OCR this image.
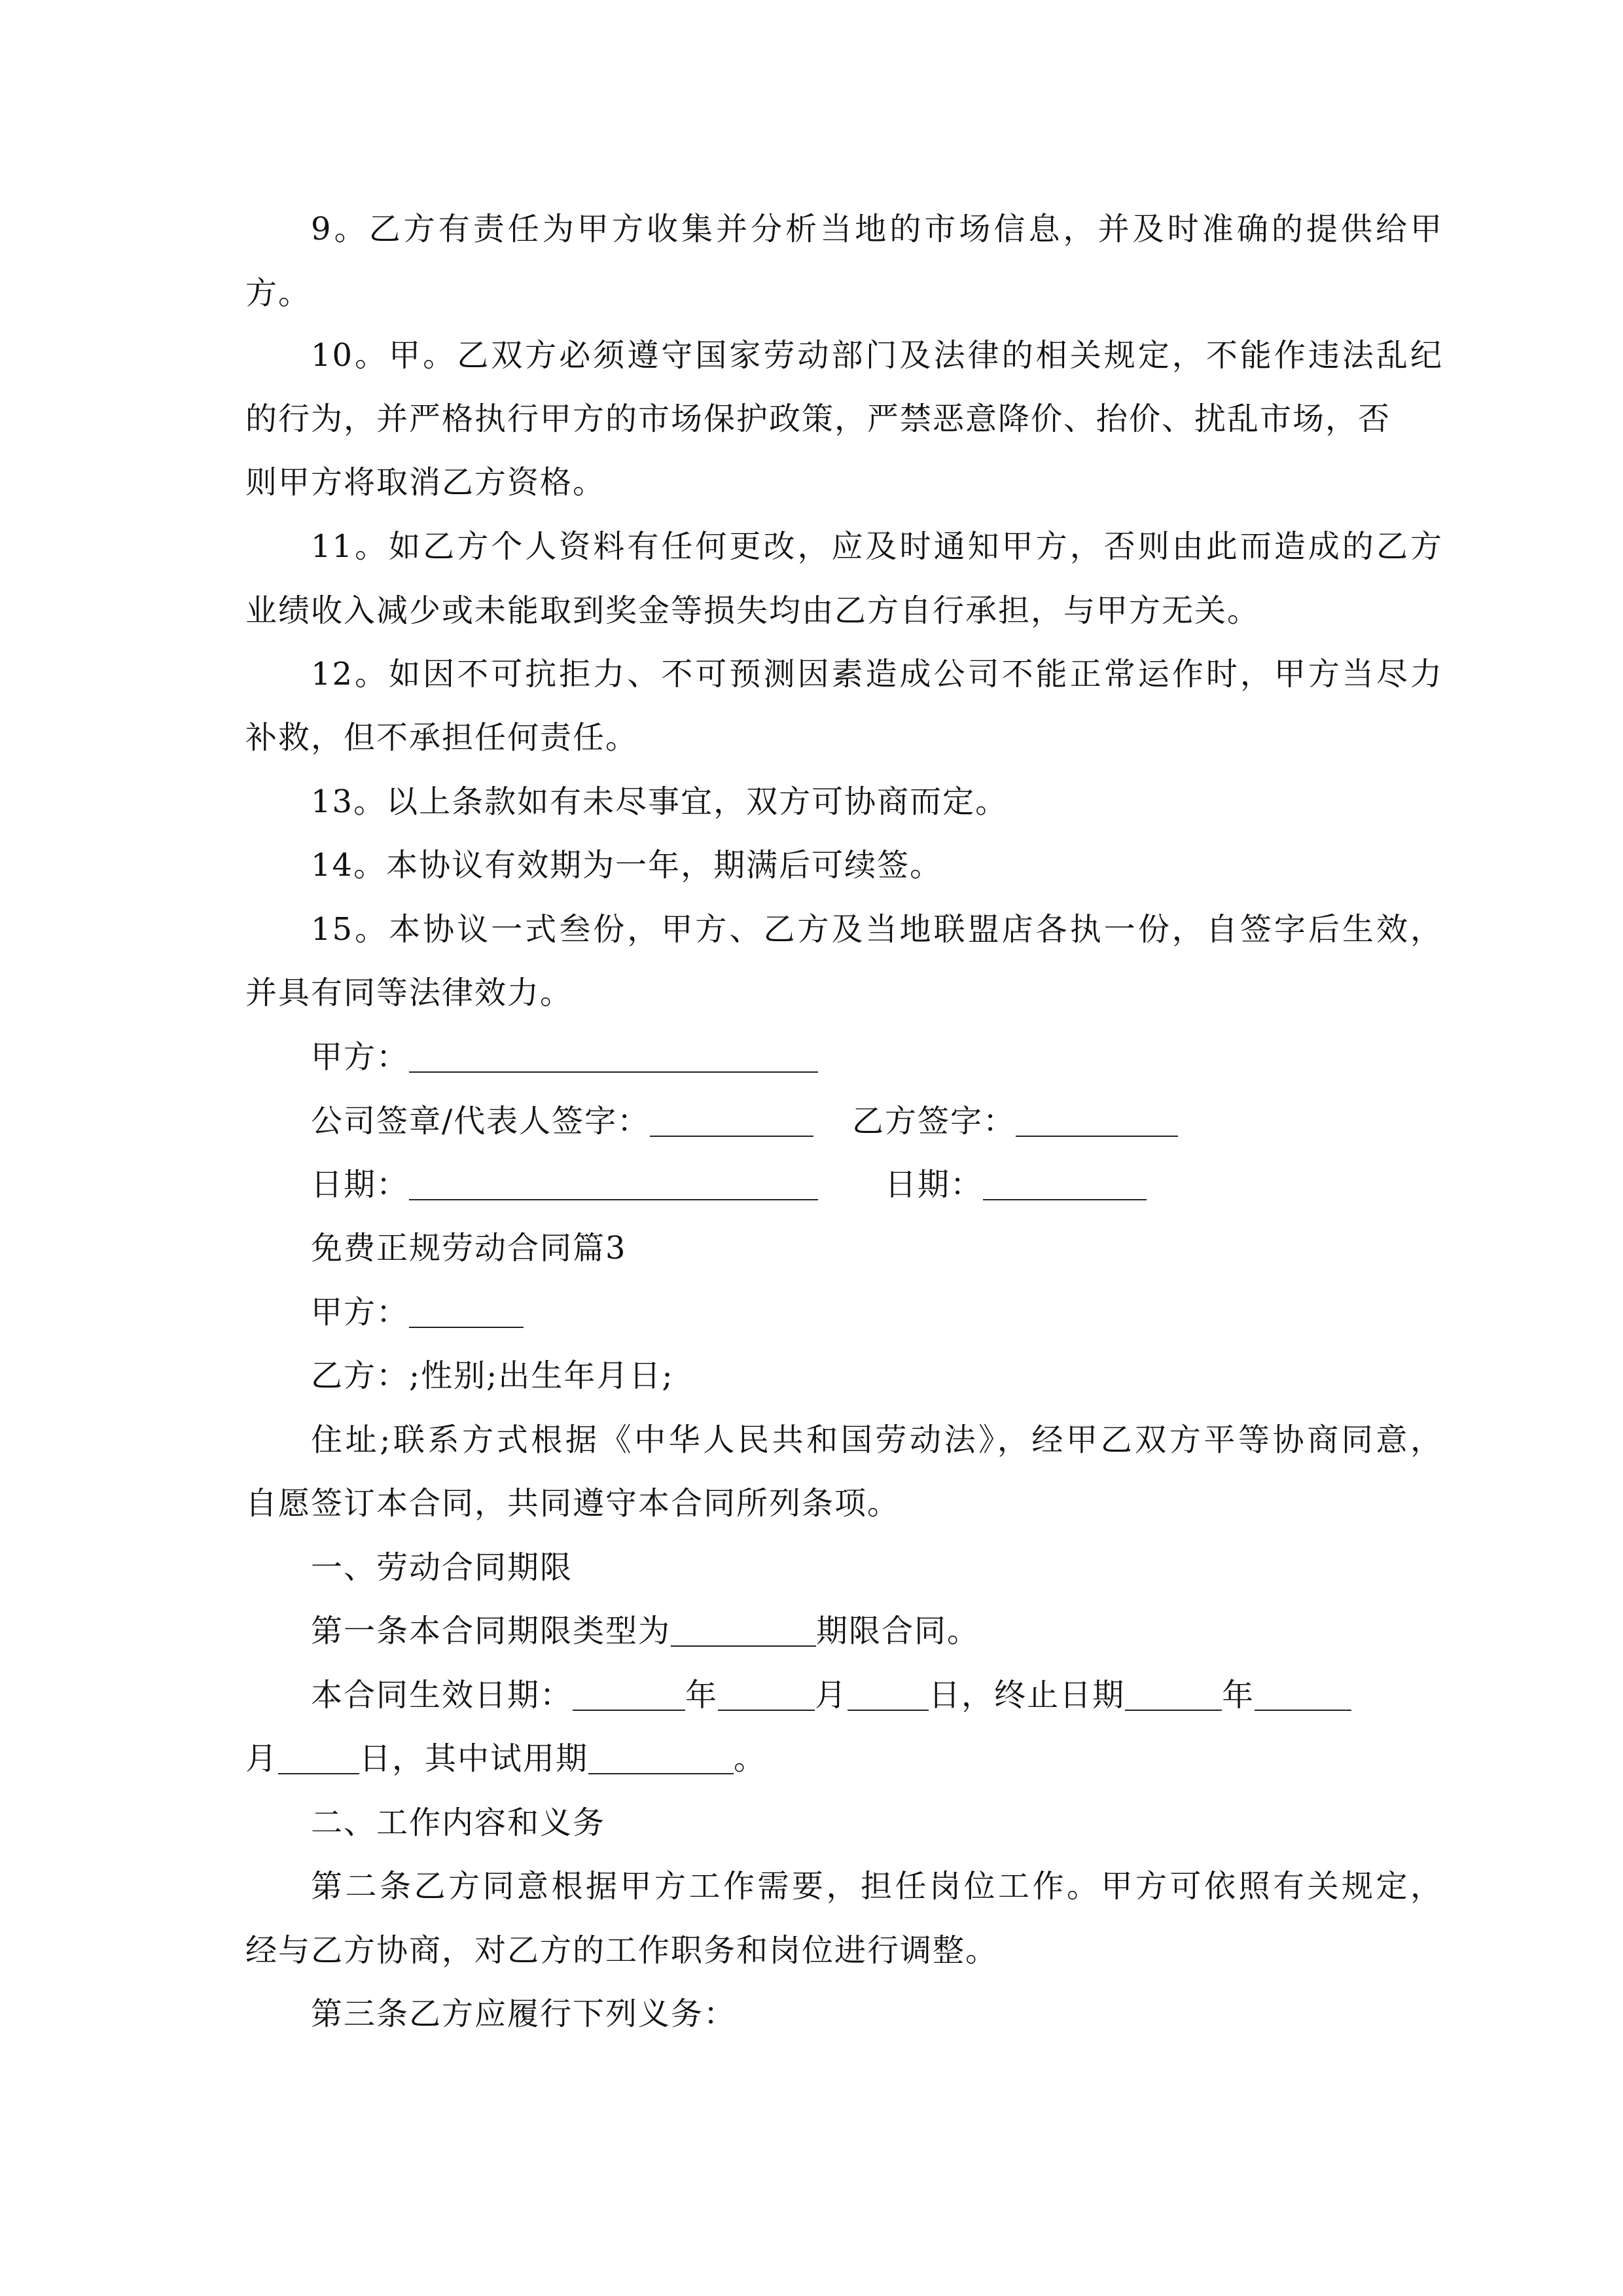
9。乙方有责任为甲方收集并分析当地的市场信息，并及时准确的提供给甲
方。
10。甲。乙双方必须遵守国家劳动部门及法律的相关规定，不能作违法乱纪
的行为，并严格执行甲方的市场保护政策，严禁恶意降价、抬价、扰乱市场，否
则甲方将取消乙方资格。
11。如乙方个人资料有任何更改，应及时通知甲方，否则由此而造成的乙方
业绩收入减少或未能取到奖金等损失均由乙方自行承担，与甲方无关。
12。如因不可抗拒力、不可预测因素造成公司不能正常运作时，甲方当尽力
补救，但不承担任何责任。
13。以上条款如有未尽事宜，双方可协商而定。
14。本协议有效期为一年，期满后可续签。
15。本协议一式叁份，甲方、乙方及当地联盟店各执一份，自签字后生效，
并具有同等法律效力。
甲方：
公司签章/代表人签字：	乙方签字：
日期：	日期：
免费正规劳动合同篇3
甲方：
乙方：;性别;出生年月日;
住址;联系方式根据《中华人民共和国劳动法》，经甲乙双方平等协商同意，
自愿签订本合同，共同遵守本合同所列条项。
一、劳动合同期限
第一条本合同期限类型为	期限合同。
本合同生效日期：	年	月	日，终止日期	年
月	日，其中试用期	。
二、工作内容和义务
第二条乙方同意根据甲方工作需要，担任岗位工作。甲方可依照有关规定，
经与乙方协商，对乙方的工作职务和岗位进行调整。
第三条乙方应履行下列义务：
